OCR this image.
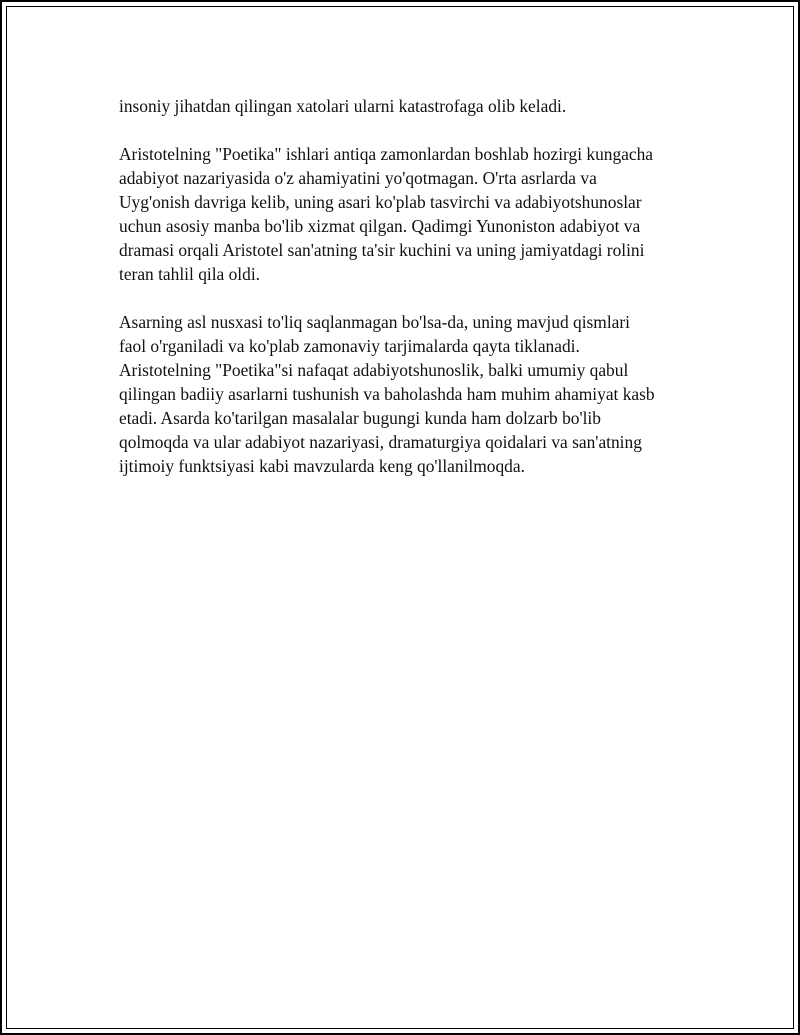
insoniy jihatdan qilingan xatolari ularni katastrofaga olib keladi.

Aristotelning "Poetika" ishlari antiqa zamonlardan boshlab hozirgi kungacha
adabiyot nazariyasida o'z ahamiyatini yo'qotmagan. O'rta asrlarda va
Uyg'onish davriga kelib, uning asari ko'plab tasvirchi va adabiyotshunoslar
uchun asosiy manba bo'lib xizmat qilgan. Qadimgi Yunoniston adabiyot va
dramasi orqali Aristotel san'atning ta'sir kuchini va uning jamiyatdagi rolini
teran tahlil qila oldi.

Asarning asl nusxasi to'liq saqlanmagan bo'lsa-da, uning mavjud qismlari
faol o'rganiladi va ko'plab zamonaviy tarjimalarda qayta tiklanadi.
Aristotelning "Poetika"si nafaqat adabiyotshunoslik, balki umumiy qabul
qilingan badiiy asarlarni tushunish va baholashda ham muhim ahamiyat kasb
etadi. Asarda ko'tarilgan masalalar bugungi kunda ham dolzarb bo'lib
qolmoqda va ular adabiyot nazariyasi, dramaturgiya qoidalari va san'atning
ijtimoiy funktsiyasi kabi mavzularda keng qo'llanilmoqda.
